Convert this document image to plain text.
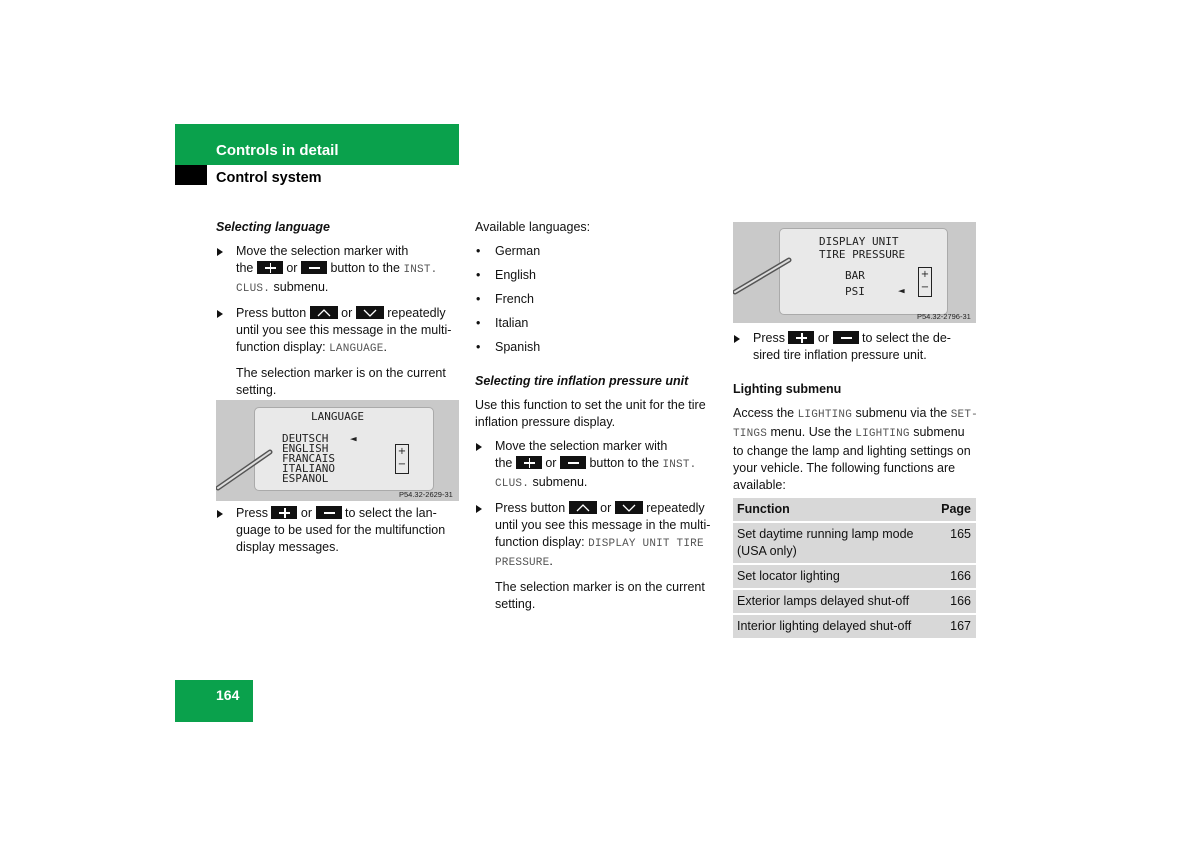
Controls in detail
Control system

Selecting language

Move the selection marker with
the	or	button to the INST.
CLUS. submenu.
Press button	or	repeatedly
until you see this message in the multi-
function display: LANGUAGE.
The selection marker is on the current
setting.
LANGUAGE
DEUTSCH
ENGLISH
FRANCAIS
ITALIANO
ESPANOL
◄
+
−
P54.32-2629-31
Press	or	to select the lan-
guage to be used for the multifunction
display messages.

Available languages:

• German
• English
• French
• Italian
• Spanish

Selecting tire inflation pressure unit

Use this function to set the unit for the tire
inflation pressure display.
Move the selection marker with
the	or	button to the INST.
CLUS. submenu.
Press button	or	repeatedly
until you see this message in the multi-
function display: DISPLAY UNIT TIRE
PRESSURE.
The selection marker is on the current
setting.
DISPLAY UNIT
TIRE PRESSURE
BAR
PSI	◄
+
−
P54.32-2796-31
Press	or	to select the de-
sired tire inflation pressure unit.

Lighting submenu

Access the LIGHTING submenu via the SET-
TINGS menu. Use the LIGHTING submenu
to change the lamp and lighting settings on
your vehicle. The following functions are
available:
Function	Page

Set daytime running lamp mode
(USA only)	165
Set locator lighting	166
Exterior lamps delayed shut-off	166
Interior lighting delayed shut-off	167
164
